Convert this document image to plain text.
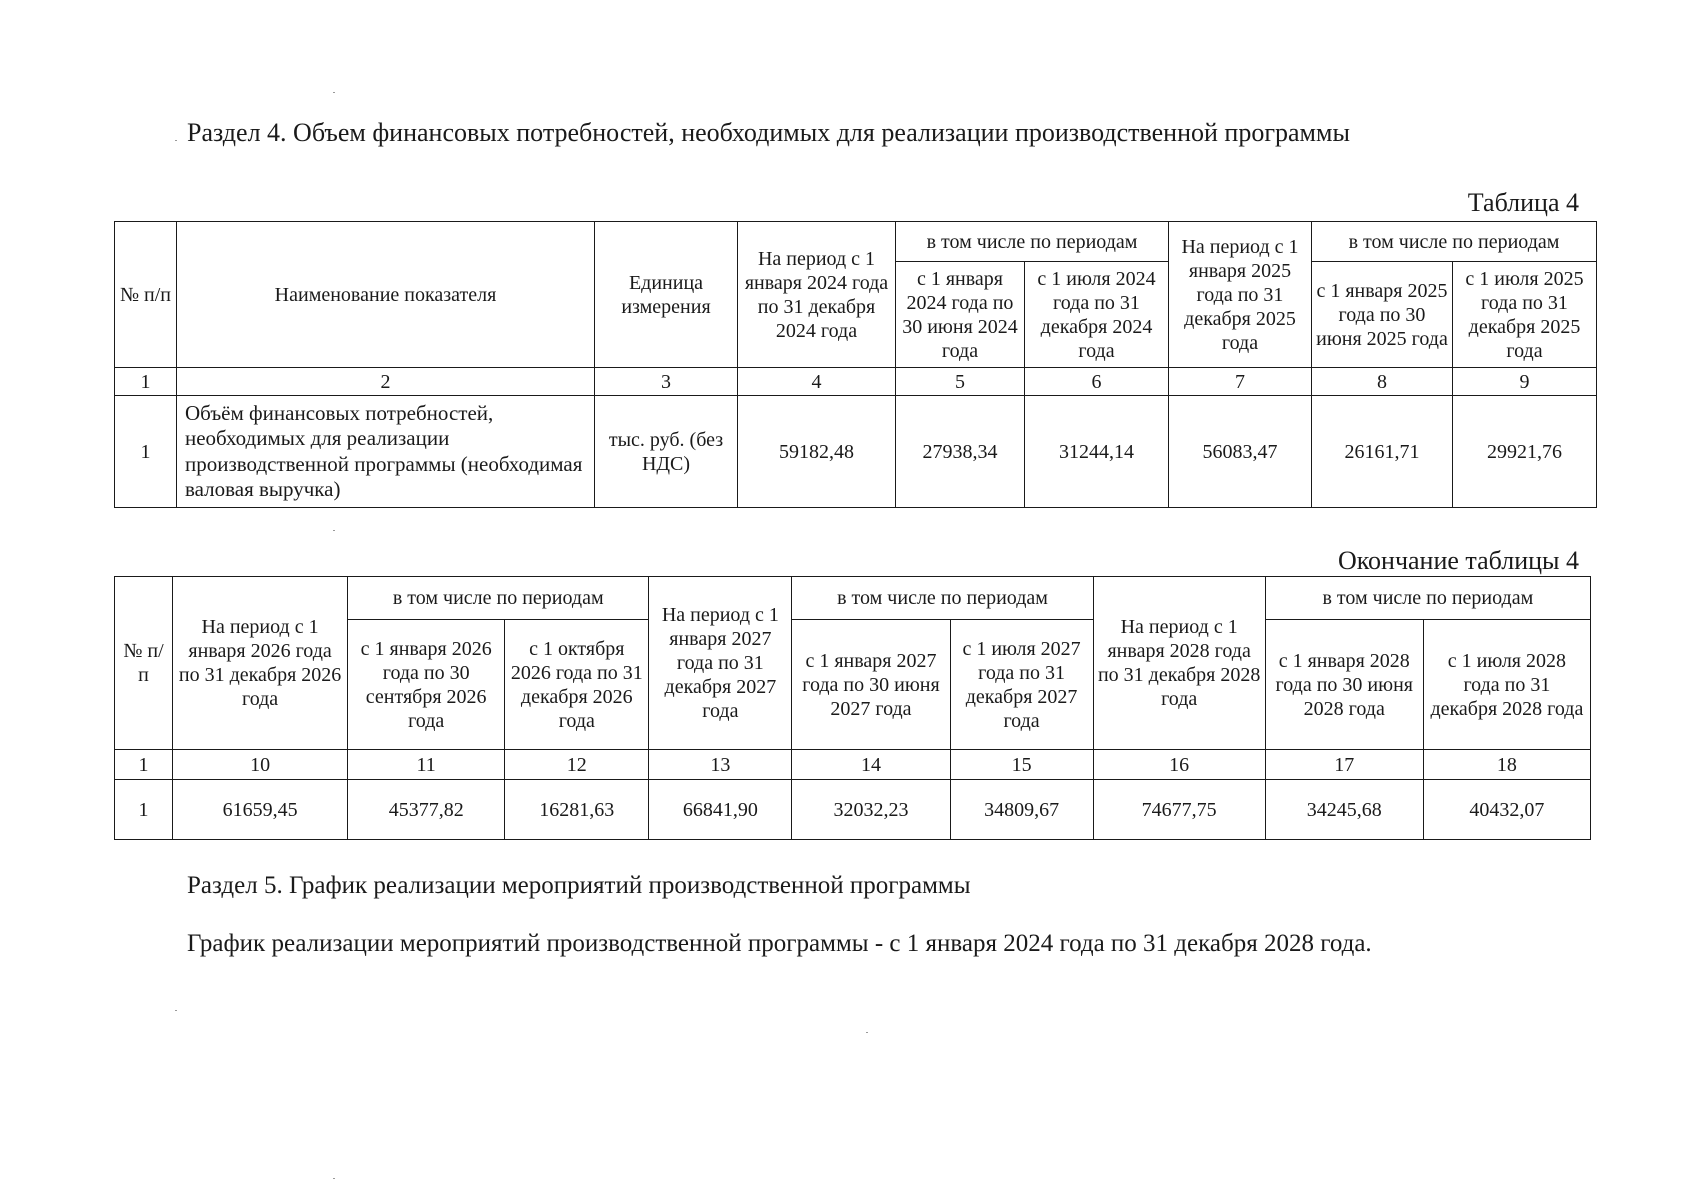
Раздел 4. Объем финансовых потребностей, необходимых для реализации производственной программы
Таблица 4
№ п/п	Наименование показателя	Единица измерения	На период с 1 января 2024 года по 31 декабря 2024 года	в том числе по периодам		На период с 1 января 2025 года по 31 декабря 2025 года	в том числе по периодам	
				с 1 января 2024 года по 30 июня 2024 года	с 1 июля 2024 года по 31 декабря 2024 года		с 1 января 2025 года по 30 июня 2025 года	с 1 июля 2025 года по 31 декабря 2025 года
1	2	3	4	5	6	7	8	9
1	Объём финансовых потребностей, необходимых для реализации производственной программы (необходимая валовая выручка)	тыс. руб. (без НДС)	59182,48	27938,34	31244,14	56083,47	26161,71	29921,76
Окончание таблицы 4
№ п/п	На период с 1 января 2026 года по 31 декабря 2026 года	в том числе по периодам		На период с 1 января 2027 года по 31 декабря 2027 года	в том числе по периодам		На период с 1 января 2028 года по 31 декабря 2028 года	в том числе по периодам	
		с 1 января 2026 года по 30 сентября 2026 года	с 1 октября 2026 года по 31 декабря 2026 года		с 1 января 2027 года по 30 июня 2027 года	с 1 июля 2027 года по 31 декабря 2027 года		с 1 января 2028 года по 30 июня 2028 года	с 1 июля 2028 года по 31 декабря 2028 года
1	10	11	12	13	14	15	16	17	18
1	61659,45	45377,82	16281,63	66841,90	32032,23	34809,67	74677,75	34245,68	40432,07
Раздел 5. График реализации мероприятий производственной программы
График реализации мероприятий производственной программы - с 1 января 2024 года по 31 декабря 2028 года.
